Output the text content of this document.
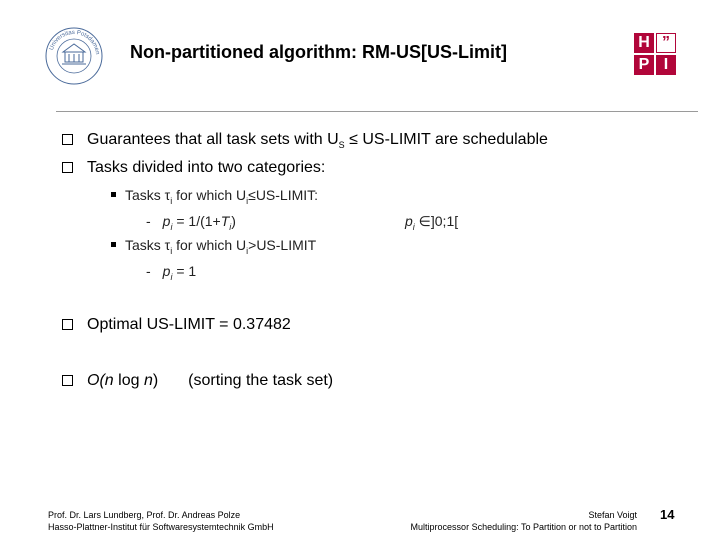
Universitas Potsdamen Non-partitioned algorithm: RM-US[US-Limit]	H ”
P I
Guarantees that all task sets with $U_S$ ≤ US-LIMIT are schedulable
Tasks divided into two categories:
Tasks $\tau_i$ for which $U_i\le US$-LIMIT:
- $p_i = 1/(1+T_i)$	$p_i$ ∈]0;1[
Tasks $\tau_i$ for which $U_i>US$-LIMIT
- $p_i = 1$
Optimal US-LIMIT = 0.37482
O(n log n) (sorting the task set)
Prof. Dr. Lars Lundberg, Prof. Dr. Andreas Polze
Hasso-Plattner-Institut für Softwaresystemtechnik GmbH
Stefan Voigt
Multiprocessor Scheduling: To Partition or not to Partition
14
